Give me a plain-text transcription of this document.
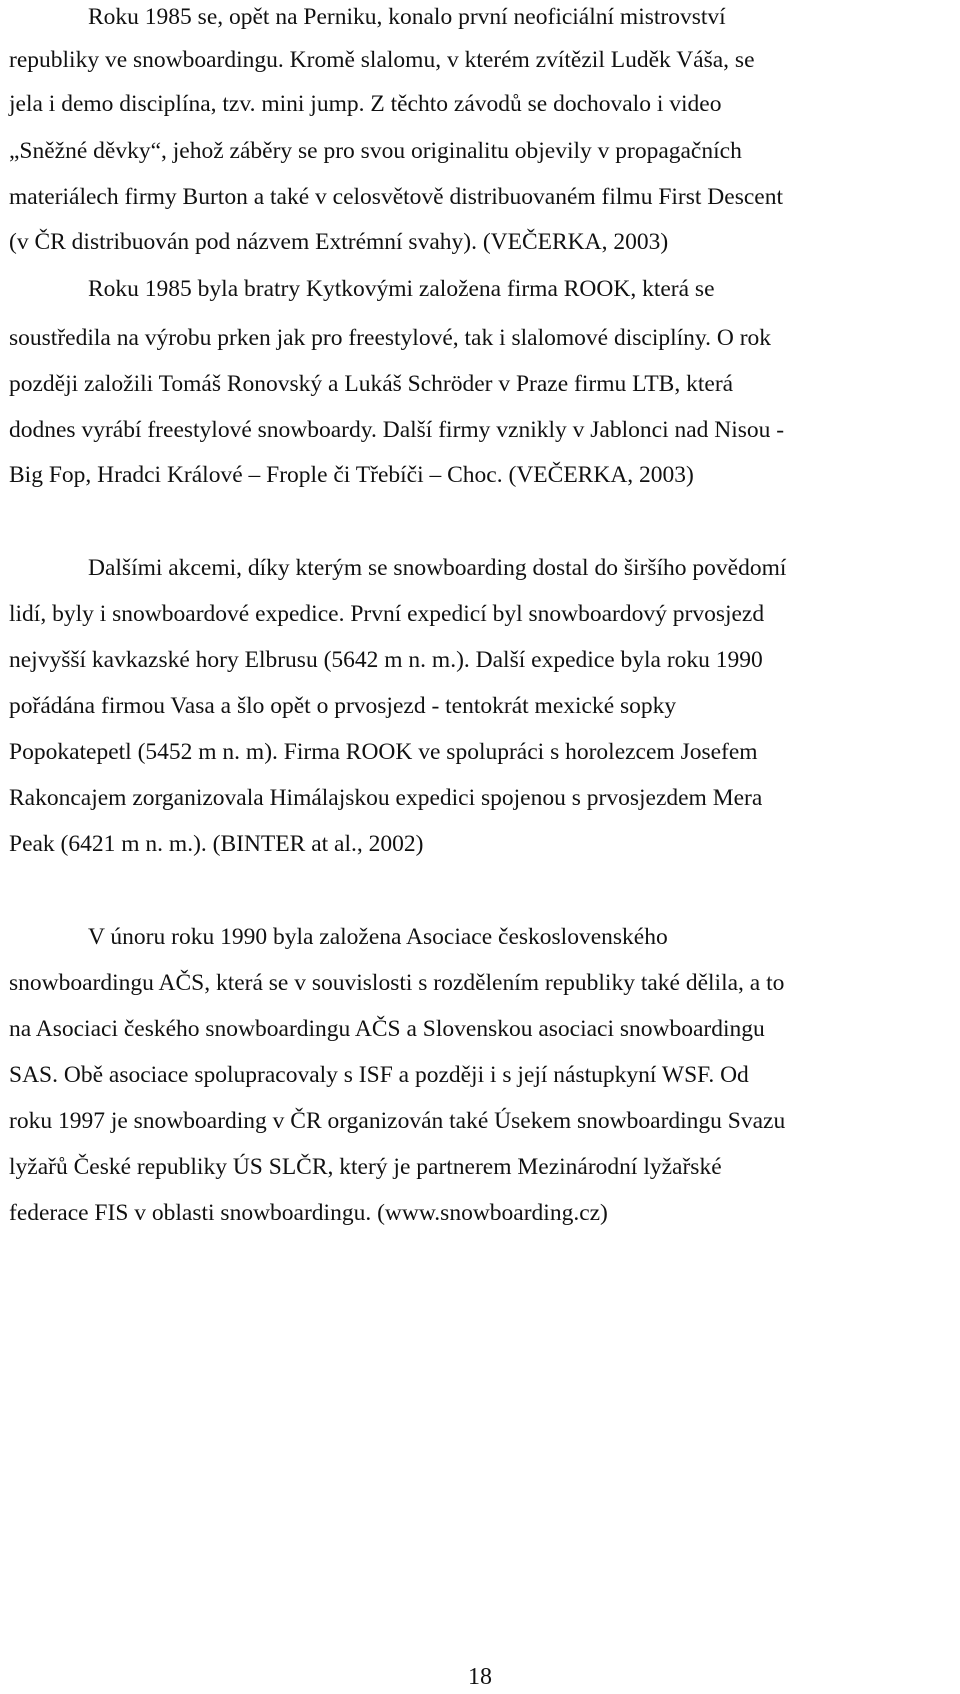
Roku 1985 se, opět na Perniku, konalo první neoficiální mistrovství
republiky ve snowboardingu. Kromě slalomu, v kterém zvítězil Luděk Váša, se
jela i demo disciplína, tzv. mini jump. Z těchto závodů se dochovalo i video
„Sněžné děvky“, jehož záběry se pro svou originalitu objevily v propagačních
materiálech firmy Burton a také v celosvětově distribuovaném filmu First Descent
(v ČR distribuován pod názvem Extrémní svahy). (VEČERKA, 2003)
Roku 1985 byla bratry Kytkovými založena firma ROOK, která se
soustředila na výrobu prken jak pro freestylové, tak i slalomové disciplíny. O rok
později založili Tomáš Ronovský a Lukáš Schröder v Praze firmu LTB, která
dodnes vyrábí freestylové snowboardy. Další firmy vznikly v Jablonci nad Nisou -
Big Fop, Hradci Králové – Frople či Třebíči – Choc. (VEČERKA, 2003)
Dalšími akcemi, díky kterým se snowboarding dostal do širšího povědomí
lidí, byly i snowboardové expedice. První expedicí byl snowboardový prvosjezd
nejvyšší kavkazské hory Elbrusu (5642 m n. m.). Další expedice byla roku 1990
pořádána firmou Vasa a šlo opět o prvosjezd - tentokrát mexické sopky
Popokatepetl (5452 m n. m). Firma ROOK ve spolupráci s horolezcem Josefem
Rakoncajem zorganizovala Himálajskou expedici spojenou s prvosjezdem Mera
Peak (6421 m n. m.). (BINTER at al., 2002)
V únoru roku 1990 byla založena Asociace československého
snowboardingu AČS, která se v souvislosti s rozdělením republiky také dělila, a to
na Asociaci českého snowboardingu AČS a Slovenskou asociaci snowboardingu
SAS. Obě asociace spolupracovaly s ISF a později i s její nástupkyní WSF. Od
roku 1997 je snowboarding v ČR organizován také Úsekem snowboardingu Svazu
lyžařů České republiky ÚS SLČR, který je partnerem Mezinárodní lyžařské
federace FIS v oblasti snowboardingu. (www.snowboarding.cz)
18
